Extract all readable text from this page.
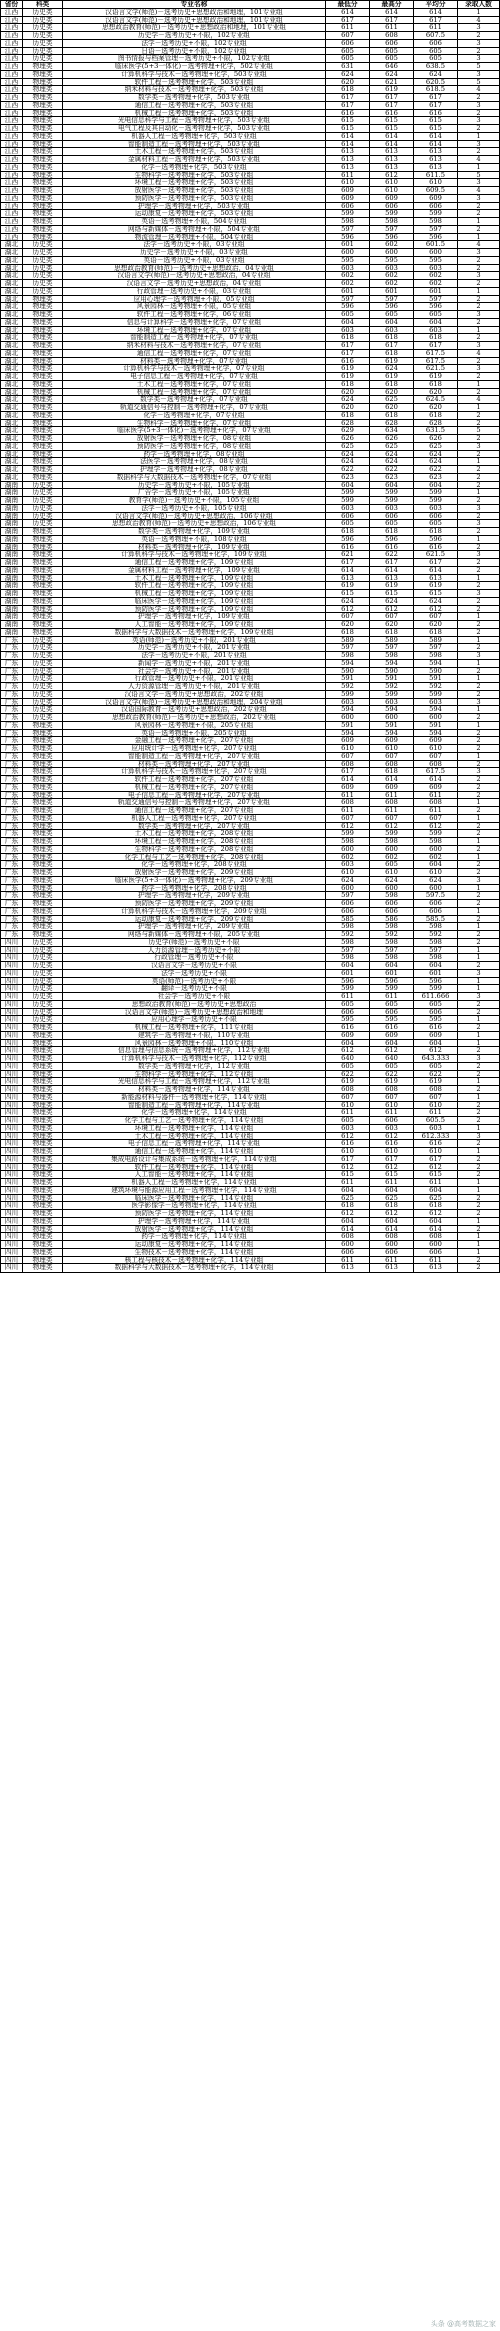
省份	科类	专业名称	最低分	最高分	平均分	录取人数
江西	历史类	汉语言文学(师范)－选考历史+思想政治和地理，101专业组	614	614	614	1
江西	历史类	汉语言文学(师范)－选考历史+思想政治和地理，101专业组	617	617	617	4
江西	历史类	思想政治教育(师范)－选考历史+思想政治和地理，101专业组	611	611	611	3
江西	历史类	历史学－选考历史+不限，102专业组	607	608	607.5	2
江西	历史类	法学－选考历史+不限，102专业组	606	606	606	3
江西	历史类	日语－选考历史+不限，102专业组	605	605	605	2
江西	历史类	图书情报与档案管理－选考历史+不限，102专业组	605	605	605	3
江西	物理类	临床医学(5+3一体化)－选考物理+化学，502专业组	631	646	638.5	5
江西	物理类	计算机科学与技术－选考物理+化学，503专业组	624	624	624	3
江西	物理类	软件工程－选考物理+化学，503专业组	620	621	620.5	5
江西	物理类	纳米材料与技术－选考物理+化学，503专业组	618	619	618.5	4
江西	物理类	数学类－选考物理+化学，503专业组	617	617	617	2
江西	物理类	通信工程－选考物理+化学，503专业组	617	617	617	3
江西	物理类	机械工程－选考物理+化学，503专业组	616	616	616	2
江西	物理类	光电信息科学与工程－选考物理+化学，503专业组	615	615	615	3
江西	物理类	电气工程及其自动化－选考物理+化学，503专业组	615	615	615	2
江西	物理类	机器人工程－选考物理+化学，503专业组	614	614	614	1
江西	物理类	智能制造工程－选考物理+化学，503专业组	614	614	614	3
江西	物理类	土木工程－选考物理+化学，503专业组	613	613	613	2
江西	物理类	金属材料工程－选考物理+化学，503专业组	613	613	613	4
江西	物理类	化学－选考物理+化学，503专业组	613	613	613	1
江西	物理类	生物科学－选考物理+化学，503专业组	611	612	611.5	5
江西	物理类	环境工程－选考物理+化学，503专业组	610	610	610	3
江西	物理类	放射医学－选考物理+化学，503专业组	609	610	609.5	4
江西	物理类	预防医学－选考物理+化学，503专业组	609	609	609	3
江西	物理类	护理学－选考物理+化学，503专业组	606	606	606	2
江西	物理类	运动康复－选考物理+化学，503专业组	599	599	599	2
江西	物理类	英语－选考物理+不限，504专业组	598	598	598	1
江西	物理类	网络与新媒体－选考物理+不限，504专业组	597	597	597	2
江西	物理类	物流管理－选考物理+不限，504专业组	596	596	596	1
湖北	历史类	法学－选考历史+不限，03专业组	601	602	601.5	4
湖北	历史类	历史学－选考历史+不限，03专业组	600	600	600	3
湖北	历史类	英语－选考历史+不限，03专业组	595	595	595	2
湖北	历史类	思想政治教育(师范)－选考历史+思想政治，04专业组	603	603	603	2
湖北	历史类	汉语言文学(师范)－选考历史+思想政治，04专业组	602	602	602	3
湖北	历史类	汉语言文学－选考历史+思想政治，04专业组	602	602	602	2
湖北	历史类	行政管理－选考历史+不限，03专业组	601	601	601	1
湖北	物理类	应用心理学－选考物理+不限，05专业组	597	597	597	2
湖北	物理类	风景园林－选考物理+不限，05专业组	596	596	596	2
湖北	物理类	软件工程－选考物理+化学，06专业组	605	605	605	3
湖北	物理类	信息与计算科学－选考物理+化学，07专业组	604	604	604	2
湖北	物理类	环境工程－选考物理+化学，07专业组	603	603	603	1
湖北	物理类	智能制造工程－选考物理+化学，07专业组	618	618	618	2
湖北	物理类	纳米材料与技术－选考物理+化学，07专业组	617	617	617	3
湖北	物理类	通信工程－选考物理+化学，07专业组	617	618	617.5	4
湖北	物理类	材料类－选考物理+化学，07专业组	616	619	617.5	2
湖北	物理类	计算机科学与技术－选考物理+化学，07专业组	619	624	621.5	3
湖北	物理类	电子信息工程－选考物理+化学，07专业组	619	619	619	2
湖北	物理类	土木工程－选考物理+化学，07专业组	618	618	618	1
湖北	物理类	机械工程－选考物理+化学，07专业组	620	620	620	2
湖北	物理类	数学类－选考物理+化学，07专业组	624	625	624.5	4
湖北	物理类	轨道交通信号与控制－选考物理+化学，07专业组	620	620	620	1
湖北	物理类	化学－选考物理+化学，07专业组	618	618	618	2
湖北	物理类	生物科学－选考物理+化学，07专业组	628	628	628	2
湖北	物理类	临床医学(5+3一体化)－选考物理+化学，07专业组	629	634	631.5	5
湖北	物理类	放射医学－选考物理+化学，08专业组	626	626	626	2
湖北	物理类	预防医学－选考物理+化学，08专业组	625	625	625	3
湖北	物理类	药学－选考物理+化学，08专业组	624	624	624	2
湖北	物理类	法医学－选考物理+化学，08专业组	624	624	624	1
湖北	物理类	护理学－选考物理+化学，08专业组	622	622	622	2
湖北	物理类	数据科学与大数据技术－选考物理+化学，07专业组	623	623	623	2
湖南	历史类	历史学－选考历史+不限，105专业组	604	604	604	2
湖南	历史类	广告学－选考历史+不限，105专业组	599	599	599	1
湖南	历史类	教育学(师范)－选考历史+不限，105专业组	599	599	599	2
湖南	历史类	法学－选考历史+不限，105专业组	603	603	603	3
湖南	历史类	汉语言文学(师范)－选考历史+思想政治，106专业组	606	606	606	2
湖南	历史类	思想政治教育(师范)－选考历史+思想政治，106专业组	605	605	605	3
湖南	物理类	数学类－选考物理+化学，109专业组	618	618	618	2
湖南	物理类	英语－选考物理+不限，108专业组	596	596	596	1
湖南	物理类	材料类－选考物理+化学，109专业组	616	616	616	2
湖南	物理类	计算机科学与技术－选考物理+化学，109专业组	621	622	621.5	3
湖南	物理类	通信工程－选考物理+化学，109专业组	617	617	617	2
湖南	物理类	金属材料工程－选考物理+化学，109专业组	614	614	614	2
湖南	物理类	土木工程－选考物理+化学，109专业组	613	613	613	1
湖南	物理类	软件工程－选考物理+化学，109专业组	619	619	619	2
湖南	物理类	机械工程－选考物理+化学，109专业组	615	615	615	3
湖南	物理类	临床医学－选考物理+化学，109专业组	624	624	624	2
湖南	物理类	预防医学－选考物理+化学，109专业组	612	612	612	2
湖南	物理类	护理学－选考物理+化学，109专业组	607	607	607	1
湖南	物理类	人工智能－选考物理+化学，109专业组	620	620	620	2
湖南	物理类	数据科学与大数据技术－选考物理+化学，109专业组	618	618	618	2
广东	历史类	英语(师范)－选考历史+不限，201专业组	589	589	589	1
广东	历史类	历史学－选考历史+不限，201专业组	597	597	597	2
广东	历史类	法学－选考历史+不限，201专业组	598	598	598	3
广东	历史类	新闻学－选考历史+不限，201专业组	594	594	594	1
广东	历史类	社会学－选考历史+不限，201专业组	590	590	590	2
广东	历史类	行政管理－选考历史+不限，201专业组	591	591	591	1
广东	历史类	人力资源管理－选考历史+不限，201专业组	592	592	592	2
广东	历史类	汉语言文学－选考历史+思想政治，202专业组	599	599	599	2
广东	历史类	汉语言文学(师范)－选考历史+思想政治和地理，204专业组	603	603	603	3
广东	历史类	汉语国际教育－选考历史+思想政治，202专业组	594	594	594	1
广东	历史类	思想政治教育(师范)－选考历史+思想政治，202专业组	600	600	600	2
广东	物理类	风景园林－选考物理+不限，205专业组	591	591	591	1
广东	物理类	英语－选考物理+不限，205专业组	594	594	594	2
广东	物理类	金融工程－选考物理+化学，207专业组	609	609	609	2
广东	物理类	应用统计学－选考物理+化学，207专业组	610	610	610	2
广东	物理类	智能制造工程－选考物理+化学，207专业组	607	607	607	1
广东	物理类	材料类－选考物理+化学，207专业组	608	608	608	2
广东	物理类	计算机科学与技术－选考物理+化学，207专业组	617	618	617.5	3
广东	物理类	软件工程－选考物理+化学，207专业组	614	614	614	2
广东	物理类	机械工程－选考物理+化学，207专业组	609	609	609	2
广东	物理类	电子信息工程－选考物理+化学，207专业组	611	611	611	2
广东	物理类	轨道交通信号与控制－选考物理+化学，207专业组	608	608	608	1
广东	物理类	通信工程－选考物理+化学，207专业组	611	611	611	2
广东	物理类	机器人工程－选考物理+化学，207专业组	607	607	607	1
广东	物理类	数学类－选考物理+化学，207专业组	612	612	612	2
广东	物理类	土木工程－选考物理+化学，208专业组	599	599	599	2
广东	物理类	环境工程－选考物理+化学，208专业组	598	598	598	1
广东	物理类	生物科学－选考物理+化学，208专业组	600	600	600	2
广东	物理类	化学工程与工艺－选考物理+化学，208专业组	602	602	602	1
广东	物理类	化学－选考物理+化学，208专业组	603	605	604	2
广东	物理类	放射医学－选考物理+化学，209专业组	610	610	610	2
广东	物理类	临床医学(5+3一体化)－选考物理+化学，209专业组	624	624	624	3
广东	物理类	药学－选考物理+化学，208专业组	600	600	600	1
广东	物理类	护理学－选考物理+化学，209专业组	597	598	597.5	2
广东	物理类	预防医学－选考物理+化学，209专业组	606	606	606	2
广东	物理类	计算机科学与技术－选考物理+化学，209专业组	606	606	606	1
广东	物理类	运动康复－选考物理+化学，209专业组	585	586	585.5	2
广东	物理类	护理学－选考物理+化学，209专业组	598	598	598	1
广东	物理类	网络与新媒体－选考物理+不限，205专业组	592	592	592	2
四川	历史类	历史学(师范)－选考历史+不限	598	598	598	2
四川	历史类	人力资源管理－选考历史+不限	597	597	597	1
四川	历史类	行政管理－选考历史+不限	598	598	598	1
四川	历史类	汉语言文学－选考历史+不限	604	604	604	2
四川	历史类	法学－选考历史+不限	601	601	601	3
四川	历史类	英语(师范)－选考历史+不限	596	596	596	1
四川	历史类	翻译－选考历史+不限	599	599	599	1
四川	历史类	社会学－选考历史+不限	611	611	611.666	3
四川	历史类	思想政治教育(师范)－选考历史+思想政治	605	605	605	2
四川	历史类	汉语言文学(师范)－选考历史+思想政治和地理	606	606	606	2
四川	历史类	应用心理学－选考历史+不限	595	595	595	1
四川	物理类	机械工程－选考物理+化学，111专业组	616	616	616	2
四川	物理类	建筑学－选考物理+不限，110专业组	609	609	609	1
四川	物理类	风景园林－选考物理+不限，110专业组	604	604	604	1
四川	物理类	信息管理与信息系统－选考物理+化学，112专业组	612	612	612	2
四川	物理类	计算机科学与技术－选考物理+化学，112专业组	640	640	643.333	3
四川	物理类	数学类－选考物理+化学，112专业组	605	605	605	2
四川	物理类	生物科学－选考物理+化学，112专业组	622	622	622	2
四川	物理类	光电信息科学与工程－选考物理+化学，112专业组	619	619	619	1
四川	物理类	材料类－选考物理+化学，114专业组	608	608	608	2
四川	物理类	新能源材料与器件－选考物理+化学，114专业组	607	607	607	1
四川	物理类	智能制造工程－选考物理+化学，114专业组	610	610	610	2
四川	物理类	化学－选考物理+化学，114专业组	611	611	611	2
四川	物理类	化学工程与工艺－选考物理+化学，114专业组	605	606	605.5	2
四川	物理类	环境工程－选考物理+化学，114专业组	603	603	603	1
四川	物理类	土木工程－选考物理+化学，114专业组	612	612	612.333	3
四川	物理类	电子信息工程－选考物理+化学，114专业组	616	616	616	2
四川	物理类	通信工程－选考物理+化学，114专业组	610	610	610	1
四川	物理类	集成电路设计与集成系统－选考物理+化学，114专业组	617	617	617	2
四川	物理类	软件工程－选考物理+化学，114专业组	612	612	612	2
四川	物理类	人工智能－选考物理+化学，114专业组	615	615	615	2
四川	物理类	机器人工程－选考物理+化学，114专业组	611	611	611	1
四川	物理类	建筑环境与能源应用工程－选考物理+化学，114专业组	604	604	604	1
四川	物理类	临床医学－选考物理+化学，114专业组	625	625	625	2
四川	物理类	医学影像学－选考物理+化学，114专业组	618	618	618	2
四川	物理类	预防医学－选考物理+化学，114专业组	612	612	612	2
四川	物理类	护理学－选考物理+化学，114专业组	604	604	604	1
四川	物理类	放射医学－选考物理+化学，114专业组	614	614	614	2
四川	物理类	药学－选考物理+化学，114专业组	608	608	608	1
四川	物理类	运动康复－选考物理+化学，114专业组	600	600	600	1
四川	物理类	生物技术－选考物理+化学，114专业组	606	606	606	1
四川	物理类	核工程与核技术－选考物理+化学，114专业组	611	611	611	2
四川	物理类	数据科学与大数据技术－选考物理+化学，114专业组	613	613	613	2
头条 @高考数据之家
